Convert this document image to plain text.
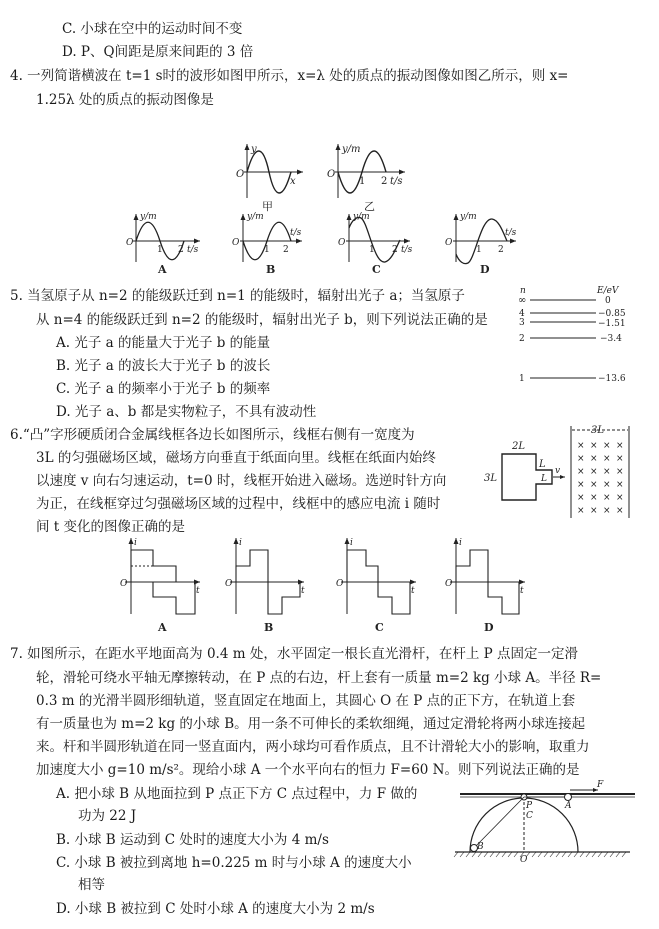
C. 小球在空中的运动时间不变
D. P、Q间距是原来间距的 3 倍
4. 一列简谐横波在 t=1 s时的波形如图甲所示，x=λ 处的质点的振动图像如图乙所示，则 x=
1.25λ 处的质点的振动图像是
y
O
x
甲
y/m
O
1 2 t/s
乙
y/m
O
1 2 t/s
A
y/m
O
1 2
t/s
B
y/m
O
1 2 t/s
C
y/m
O
1 2
t/s
D
5. 当氢原子从 n=2 的能级跃迁到 n=1 的能级时，辐射出光子 a；当氢原子
从 n=4 的能级跃迁到 n=2 的能级时，辐射出光子 b，则下列说法正确的是
A. 光子 a 的能量大于光子 b 的能量
B. 光子 a 的波长大于光子 b 的波长
C. 光子 a 的频率小于光子 b 的频率
D. 光子 a、b 都是实物粒子，不具有波动性
n	E/eV
∞	0
4	−0.85
3	−1.51
2	−3.4
1	−13.6
6.“凸”字形硬质闭合金属线框各边长如图所示，线框右侧有一宽度为
3L 的匀强磁场区域，磁场方向垂直于纸面向里。线框在纸面内始终
以速度 v 向右匀速运动，t=0 时，线框开始进入磁场。选逆时针方向
为正，在线框穿过匀强磁场区域的过程中，线框中的感应电流 i 随时
间 t 变化的图像正确的是
2L
3L
L
L
v
3L
× × × ×
× × × ×
× × × ×
× × × ×
× × × ×
× × × ×
i
O
t
A
i
O
t
B
i
O
t
C
i
O
t
D
7. 如图所示，在距水平地面高为 0.4 m 处，水平固定一根长直光滑杆，在杆上 P 点固定一定滑
轮，滑轮可绕水平轴无摩擦转动，在 P 点的右边，杆上套有一质量 m=2 kg 小球 A。半径 R=
0.3 m 的光滑半圆形细轨道，竖直固定在地面上，其圆心 O 在 P 点的正下方，在轨道上套
有一质量也为 m=2 kg 的小球 B。用一条不可伸长的柔软细绳，通过定滑轮将两小球连接起
来。杆和半圆形轨道在同一竖直面内，两小球均可看作质点，且不计滑轮大小的影响，取重力
加速度大小 g=10 m/s²。现给小球 A 一个水平向右的恒力 F=60 N。则下列说法正确的是
A. 把小球 B 从地面拉到 P 点正下方 C 点过程中，力 F 做的
功为 22 J
B. 小球 B 运动到 C 处时的速度大小为 4 m/s
C. 小球 B 被拉到离地 h=0.225 m 时与小球 A 的速度大小
相等
D. 小球 B 被拉到 C 处时小球 A 的速度大小为 2 m/s
P
C
A
F
B
O
